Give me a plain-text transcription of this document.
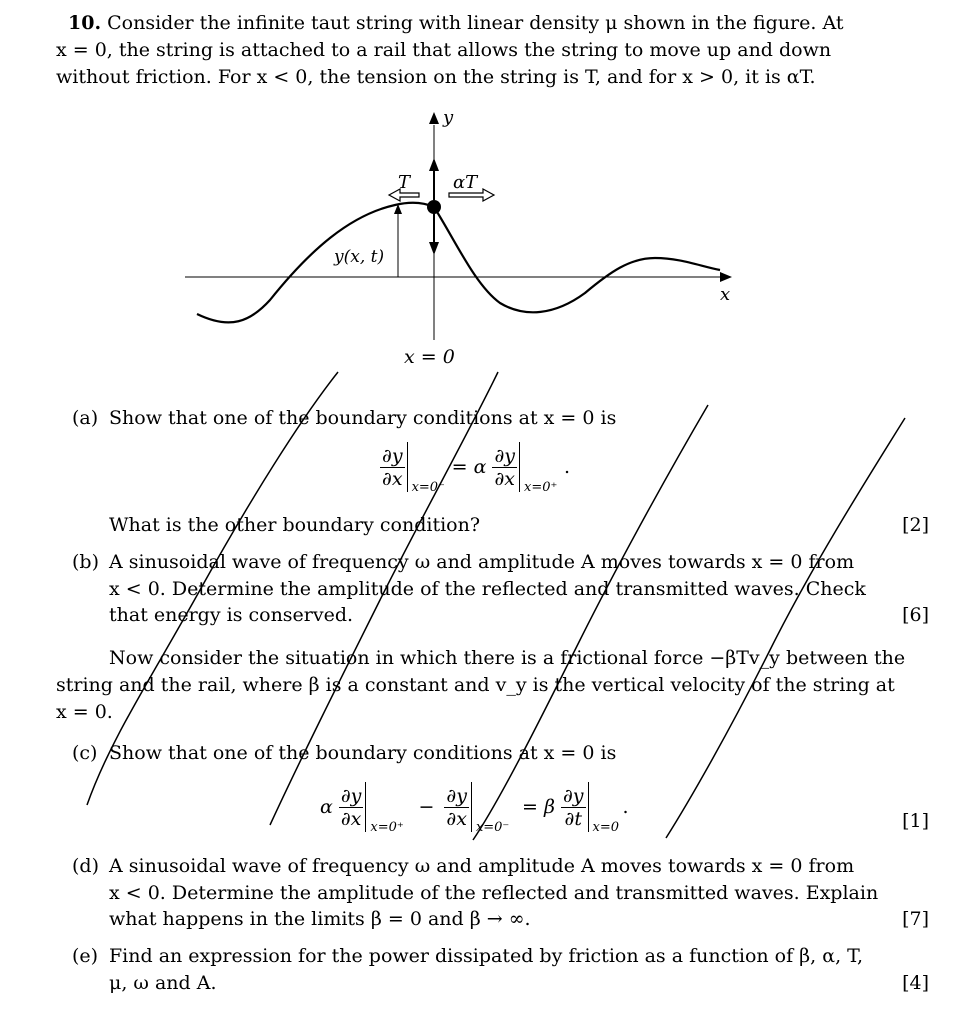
10. Consider the infinite taut string with linear density μ shown in the figure. At
x = 0, the string is attached to a rail that allows the string to move up and down
without friction. For x < 0, the tension on the string is T, and for x > 0, it is αT.
x
y
y(x, t)
T αT
x = 0
(a) Show that one of the boundary conditions at x = 0 is
$\frac{\partial y}{\partial x} x=0^-$
= α $\frac{\partial y}{\partial x} x=0^+$
.
What is the other boundary condition?	[2]
(b) A sinusoidal wave of frequency ω and amplitude A moves towards x = 0 from
x < 0. Determine the amplitude of the reflected and transmitted waves. Check
that energy is conserved.	[6]
Now consider the situation in which there is a frictional force −βTv_y between the
string and the rail, where β is a constant and v_y is the vertical velocity of the string at
x = 0.
(c) Show that one of the boundary conditions at x = 0 is
α $\frac{\partial y}{\partial x} x=0^+$
− $\frac{\partial y}{\partial x} x=0^-$
= β $\frac{\partial y}{\partial t} x=0$
.
[1]
(d) A sinusoidal wave of frequency ω and amplitude A moves towards x = 0 from
x < 0. Determine the amplitude of the reflected and transmitted waves. Explain
what happens in the limits β = 0 and β → ∞.	[7]
(e) Find an expression for the power dissipated by friction as a function of β, α, T,
μ, ω and A.	[4]
